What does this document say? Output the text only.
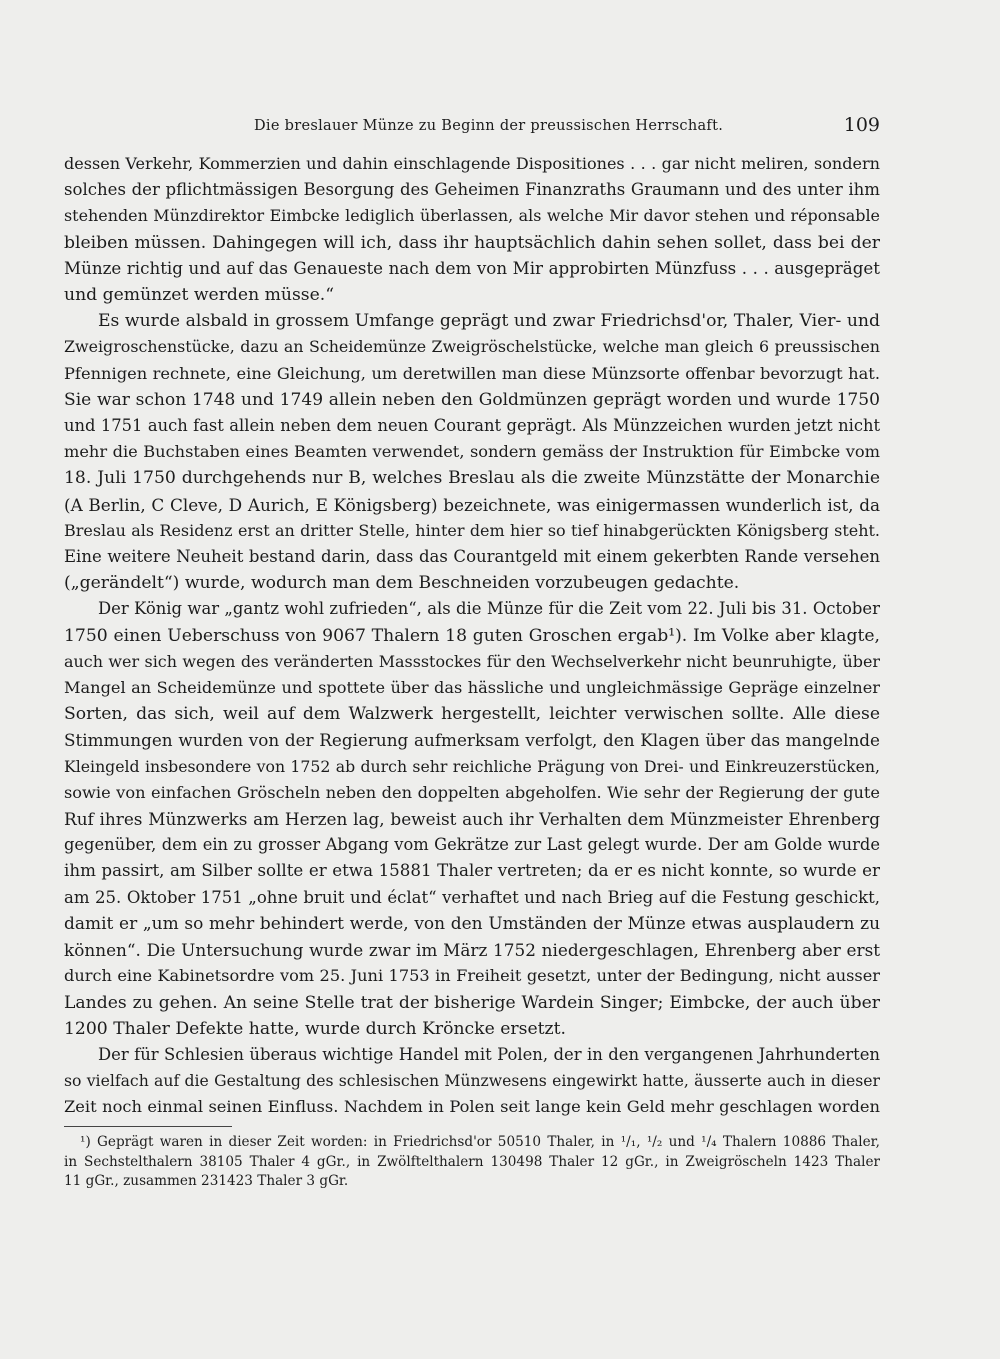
Die breslauer Münze zu Beginn der preussischen Herrschaft.	109

dessen Verkehr, Kommerzien und dahin einschlagende Dispositiones . . . gar nicht meliren, sondern
solches der pflichtmässigen Besorgung des Geheimen Finanzraths Graumann und des unter ihm
stehenden Münzdirektor Eimbcke lediglich überlassen, als welche Mir davor stehen und réponsable
bleiben müssen. Dahingegen will ich, dass ihr hauptsächlich dahin sehen sollet, dass bei der
Münze richtig und auf das Genaueste nach dem von Mir approbirten Münzfuss . . . ausgepräget
und gemünzet werden müsse.“

Es wurde alsbald in grossem Umfange geprägt und zwar Friedrichsd'or, Thaler, Vier- und
Zweigroschenstücke, dazu an Scheidemünze Zweigröschelstücke, welche man gleich 6 preussischen
Pfennigen rechnete, eine Gleichung, um deretwillen man diese Münzsorte offenbar bevorzugt hat.
Sie war schon 1748 und 1749 allein neben den Goldmünzen geprägt worden und wurde 1750
und 1751 auch fast allein neben dem neuen Courant geprägt. Als Münzzeichen wurden jetzt nicht
mehr die Buchstaben eines Beamten verwendet, sondern gemäss der Instruktion für Eimbcke vom
18. Juli 1750 durchgehends nur B, welches Breslau als die zweite Münzstätte der Monarchie
(A Berlin, C Cleve, D Aurich, E Königsberg) bezeichnete, was einigermassen wunderlich ist, da
Breslau als Residenz erst an dritter Stelle, hinter dem hier so tief hinabgerückten Königsberg steht.
Eine weitere Neuheit bestand darin, dass das Courantgeld mit einem gekerbten Rande versehen
(„gerändelt“) wurde, wodurch man dem Beschneiden vorzubeugen gedachte.

Der König war „gantz wohl zufrieden“, als die Münze für die Zeit vom 22. Juli bis 31. October
1750 einen Ueberschuss von 9067 Thalern 18 guten Groschen ergab¹). Im Volke aber klagte,
auch wer sich wegen des veränderten Massstockes für den Wechselverkehr nicht beunruhigte, über
Mangel an Scheidemünze und spottete über das hässliche und ungleichmässige Gepräge einzelner
Sorten, das sich, weil auf dem Walzwerk hergestellt, leichter verwischen sollte. Alle diese
Stimmungen wurden von der Regierung aufmerksam verfolgt, den Klagen über das mangelnde
Kleingeld insbesondere von 1752 ab durch sehr reichliche Prägung von Drei- und Einkreuzerstücken,
sowie von einfachen Gröscheln neben den doppelten abgeholfen. Wie sehr der Regierung der gute
Ruf ihres Münzwerks am Herzen lag, beweist auch ihr Verhalten dem Münzmeister Ehrenberg
gegenüber, dem ein zu grosser Abgang vom Gekrätze zur Last gelegt wurde. Der am Golde wurde
ihm passirt, am Silber sollte er etwa 15881 Thaler vertreten; da er es nicht konnte, so wurde er
am 25. Oktober 1751 „ohne bruit und éclat“ verhaftet und nach Brieg auf die Festung geschickt,
damit er „um so mehr behindert werde, von den Umständen der Münze etwas ausplaudern zu
können“. Die Untersuchung wurde zwar im März 1752 niedergeschlagen, Ehrenberg aber erst
durch eine Kabinetsordre vom 25. Juni 1753 in Freiheit gesetzt, unter der Bedingung, nicht ausser
Landes zu gehen. An seine Stelle trat der bisherige Wardein Singer; Eimbcke, der auch über
1200 Thaler Defekte hatte, wurde durch Kröncke ersetzt.

Der für Schlesien überaus wichtige Handel mit Polen, der in den vergangenen Jahrhunderten
so vielfach auf die Gestaltung des schlesischen Münzwesens eingewirkt hatte, äusserte auch in dieser
Zeit noch einmal seinen Einfluss. Nachdem in Polen seit lange kein Geld mehr geschlagen worden

¹) Geprägt waren in dieser Zeit worden: in Friedrichsd'or 50510 Thaler, in ¹/₁, ¹/₂ und ¹/₄ Thalern 10886 Thaler,
in Sechstelthalern 38105 Thaler 4 gGr., in Zwölftelthalern 130498 Thaler 12 gGr., in Zweigröscheln 1423 Thaler
11 gGr., zusammen 231423 Thaler 3 gGr.
